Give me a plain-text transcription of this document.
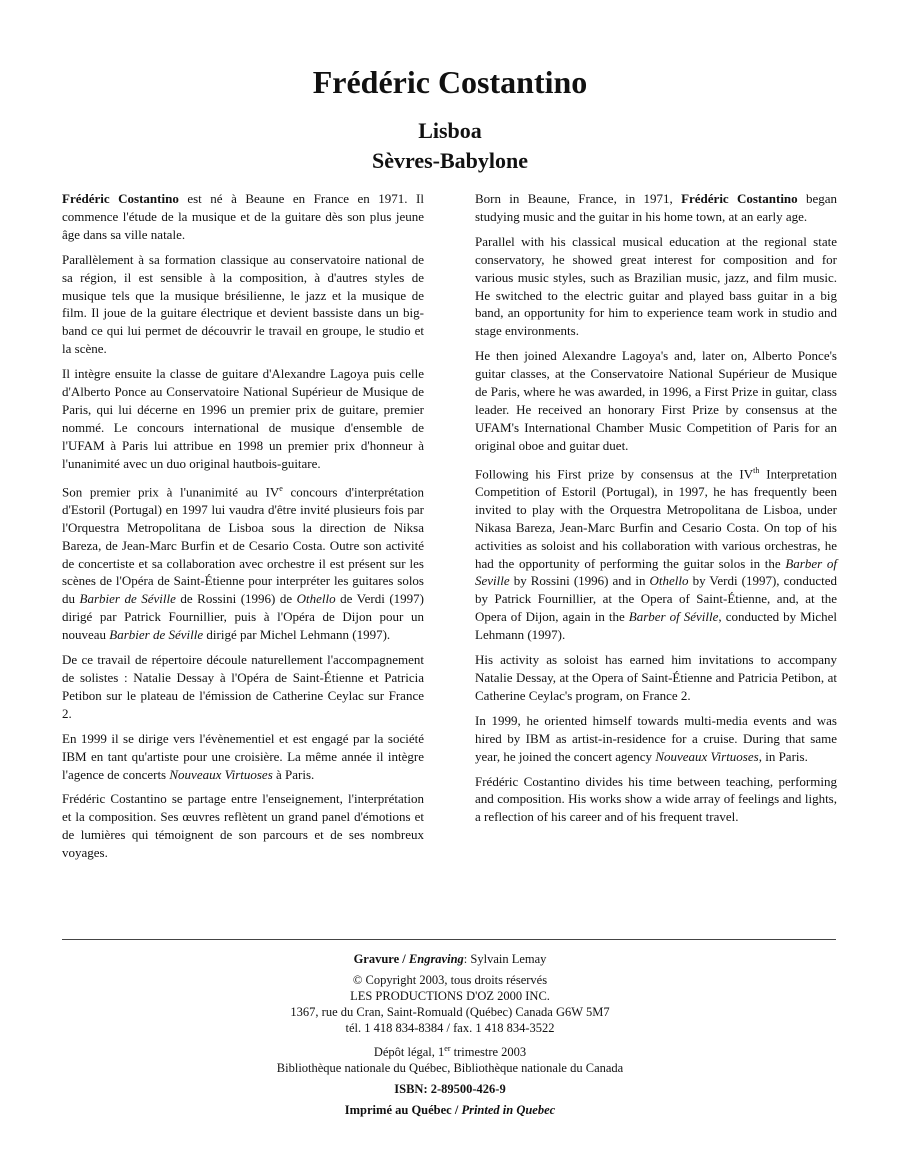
Frédéric Costantino
Lisboa
Sèvres-Babylone

Frédéric Costantino est né à Beaune en France en 1971. Il commence l'étude de la musique et de la guitare dès son plus jeune âge dans sa ville natale.

Parallèlement à sa formation classique au conservatoire national de sa région, il est sensible à la composition, à d'autres styles de musique tels que la musique brésilienne, le jazz et la musique de film. Il joue de la guitare électrique et devient bassiste dans un big-band ce qui lui permet de découvrir le travail en groupe, le studio et la scène.

Il intègre ensuite la classe de guitare d'Alexandre Lagoya puis celle d'Alberto Ponce au Conservatoire National Supérieur de Musique de Paris, qui lui décerne en 1996 un premier prix de guitare, premier nommé. Le concours international de musique d'ensemble de l'UFAM à Paris lui attribue en 1998 un premier prix d'honneur à l'unanimité avec un duo original hautbois-guitare.

Son premier prix à l'unanimité au IVe concours d'interprétation d'Estoril (Portugal) en 1997 lui vaudra d'être invité plusieurs fois par l'Orquestra Metropolitana de Lisboa sous la direction de Niksa Bareza, de Jean-Marc Burfin et de Cesario Costa. Outre son activité de concertiste et sa collaboration avec orchestre il est présent sur les scènes de l'Opéra de Saint-Étienne pour interpréter les guitares solos du Barbier de Séville de Rossini (1996) de Othello de Verdi (1997) dirigé par Patrick Fournillier, puis à l'Opéra de Dijon pour un nouveau Barbier de Séville dirigé par Michel Lehmann (1997).

De ce travail de répertoire découle naturellement l'accompagnement de solistes : Natalie Dessay à l'Opéra de Saint-Étienne et Patricia Petibon sur le plateau de l'émission de Catherine Ceylac sur France 2.

En 1999 il se dirige vers l'évènementiel et est engagé par la société IBM en tant qu'artiste pour une croisière. La même année il intègre l'agence de concerts Nouveaux Virtuoses à Paris.

Frédéric Costantino se partage entre l'enseignement, l'interprétation et la composition. Ses œuvres reflètent un grand panel d'émotions et de lumières qui témoignent de son parcours et de ses nombreux voyages.

Born in Beaune, France, in 1971, Frédéric Costantino began studying music and the guitar in his home town, at an early age.

Parallel with his classical musical education at the regional state conservatory, he showed great interest for composition and for various music styles, such as Brazilian music, jazz, and film music. He switched to the electric guitar and played bass guitar in a big band, an opportunity for him to experience team work in studio and stage environments.

He then joined Alexandre Lagoya's and, later on, Alberto Ponce's guitar classes, at the Conservatoire National Supérieur de Musique de Paris, where he was awarded, in 1996, a First Prize in guitar, class leader. He received an honorary First Prize by consensus at the UFAM's International Chamber Music Competition of Paris for an original oboe and guitar duet.

Following his First prize by consensus at the IVth Interpretation Competition of Estoril (Portugal), in 1997, he has frequently been invited to play with the Orquestra Metropolitana de Lisboa, under Nikasa Bareza, Jean-Marc Burfin and Cesario Costa. On top of his activities as soloist and his collaboration with various orchestras, he had the opportunity of performing the guitar solos in the Barber of Seville by Rossini (1996) and in Othello by Verdi (1997), conducted by Patrick Fournillier, at the Opera of Saint-Étienne, and, at the Opera of Dijon, again in the Barber of Séville, conducted by Michel Lehmann (1997).

His activity as soloist has earned him invitations to accompany Natalie Dessay, at the Opera of Saint-Étienne and Patricia Petibon, at Catherine Ceylac's program, on France 2.

In 1999, he oriented himself towards multi-media events and was hired by IBM as artist-in-residence for a cruise. During that same year, he joined the concert agency Nouveaux Virtuoses, in Paris.

Frédéric Costantino divides his time between teaching, performing and composition. His works show a wide array of feelings and lights, a reflection of his career and of his frequent travel.

Gravure / Engraving: Sylvain Lemay
© Copyright 2003, tous droits réservés
LES PRODUCTIONS D'OZ 2000 INC.
1367, rue du Cran, Saint-Romuald (Québec) Canada G6W 5M7
tél. 1 418 834-8384 / fax. 1 418 834-3522
Dépôt légal, 1er trimestre 2003
Bibliothèque nationale du Québec, Bibliothèque nationale du Canada
ISBN: 2-89500-426-9
Imprimé au Québec / Printed in Quebec
